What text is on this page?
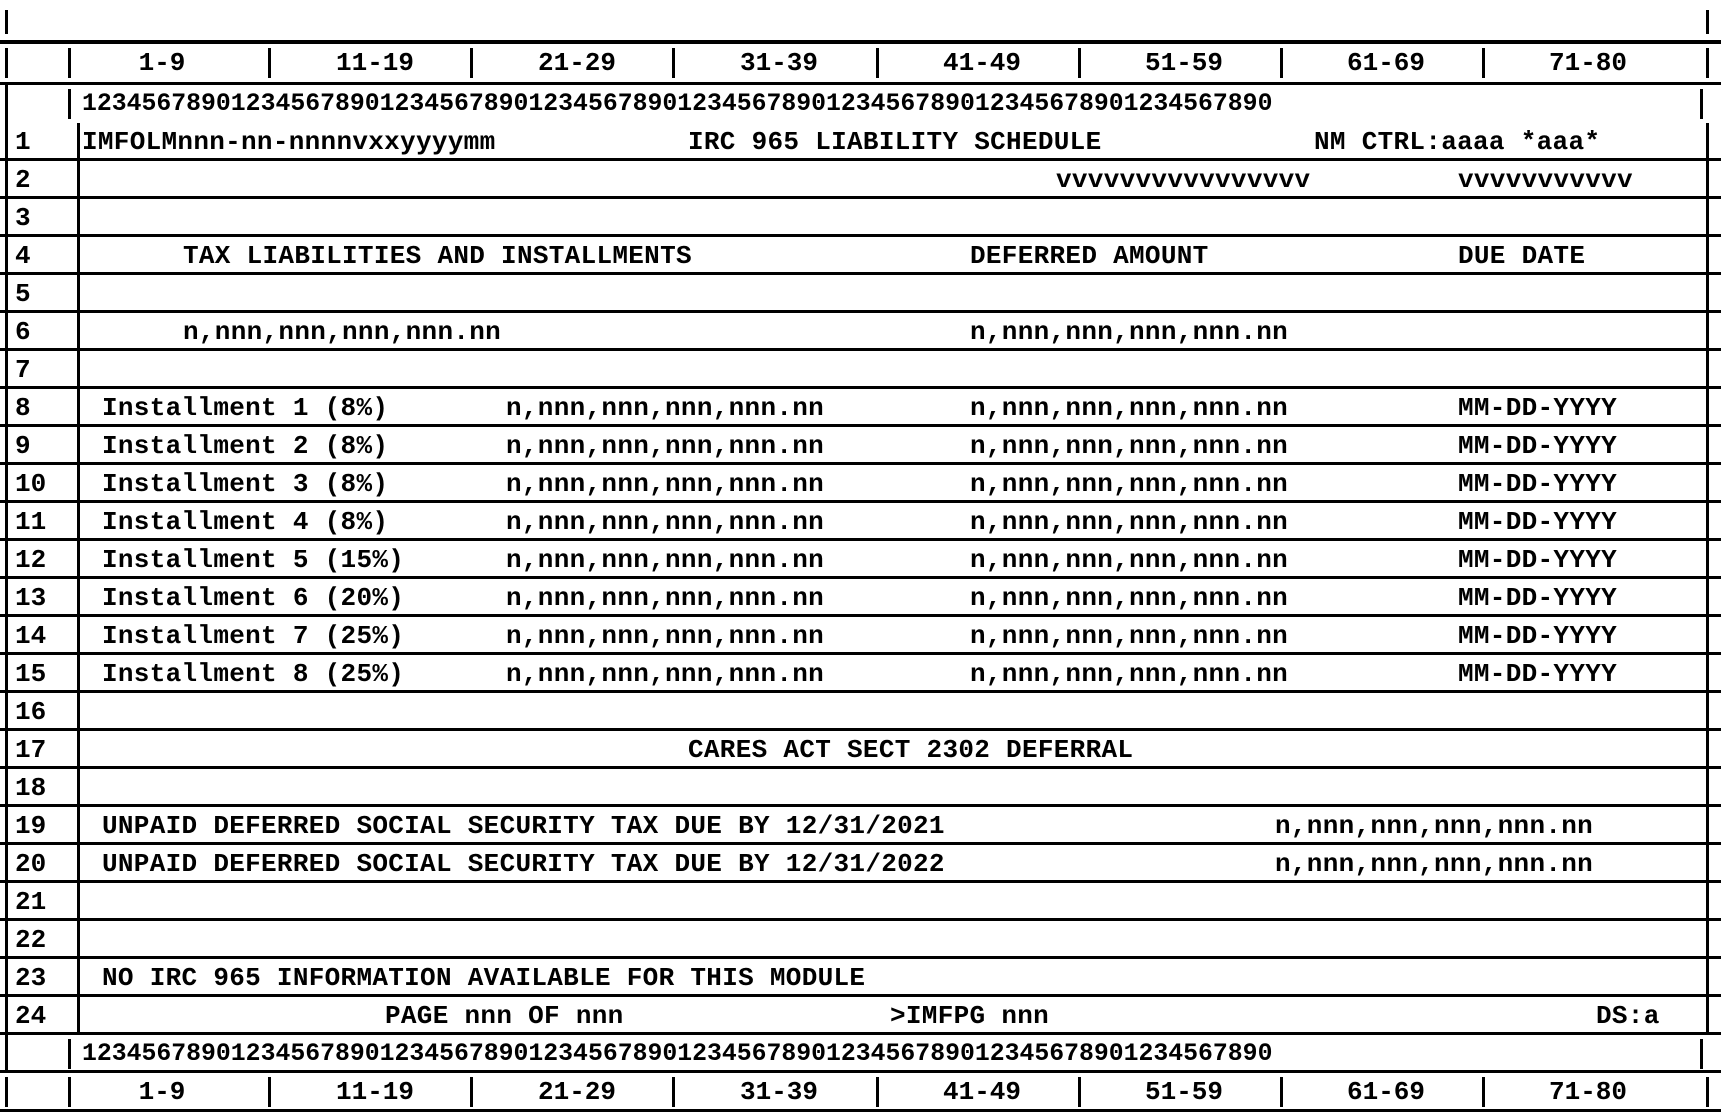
1-9	11-19	21-29	31-39	41-49	51-59	61-69	71-80
12345678901234567890123456789012345678901234567890123456789012345678901234567890
1 IMFOLMnnn-nn-nnnnvxxyyyymm	IRC 965 LIABILITY SCHEDULE	NM CTRL:aaaa *aaa*
2	vvvvvvvvvvvvvvvv	vvvvvvvvvvv
3
4	TAX LIABILITIES AND INSTALLMENTS	DEFERRED AMOUNT	DUE DATE
5
6	n,nnn,nnn,nnn,nnn.nn	n,nnn,nnn,nnn,nnn.nn
7
8	Installment 1 (8%)	n,nnn,nnn,nnn,nnn.nn	n,nnn,nnn,nnn,nnn.nn	MM-DD-YYYY
9	Installment 2 (8%)	n,nnn,nnn,nnn,nnn.nn	n,nnn,nnn,nnn,nnn.nn	MM-DD-YYYY
10 Installment 3 (8%)	n,nnn,nnn,nnn,nnn.nn	n,nnn,nnn,nnn,nnn.nn	MM-DD-YYYY
11 Installment 4 (8%)	n,nnn,nnn,nnn,nnn.nn	n,nnn,nnn,nnn,nnn.nn	MM-DD-YYYY
12 Installment 5 (15%)	n,nnn,nnn,nnn,nnn.nn	n,nnn,nnn,nnn,nnn.nn	MM-DD-YYYY
13 Installment 6 (20%)	n,nnn,nnn,nnn,nnn.nn	n,nnn,nnn,nnn,nnn.nn	MM-DD-YYYY
14 Installment 7 (25%)	n,nnn,nnn,nnn,nnn.nn	n,nnn,nnn,nnn,nnn.nn	MM-DD-YYYY
15 Installment 8 (25%)	n,nnn,nnn,nnn,nnn.nn	n,nnn,nnn,nnn,nnn.nn	MM-DD-YYYY
16
17	CARES ACT SECT 2302 DEFERRAL
18
19 UNPAID DEFERRED SOCIAL SECURITY TAX DUE BY 12/31/2021	n,nnn,nnn,nnn,nnn.nn
20 UNPAID DEFERRED SOCIAL SECURITY TAX DUE BY 12/31/2022	n,nnn,nnn,nnn,nnn.nn
21
22
23 NO IRC 965 INFORMATION AVAILABLE FOR THIS MODULE
24	PAGE nnn OF nnn	>IMFPG nnn	DS:a
12345678901234567890123456789012345678901234567890123456789012345678901234567890
1-9	11-19	21-29	31-39	41-49	51-59	61-69	71-80
